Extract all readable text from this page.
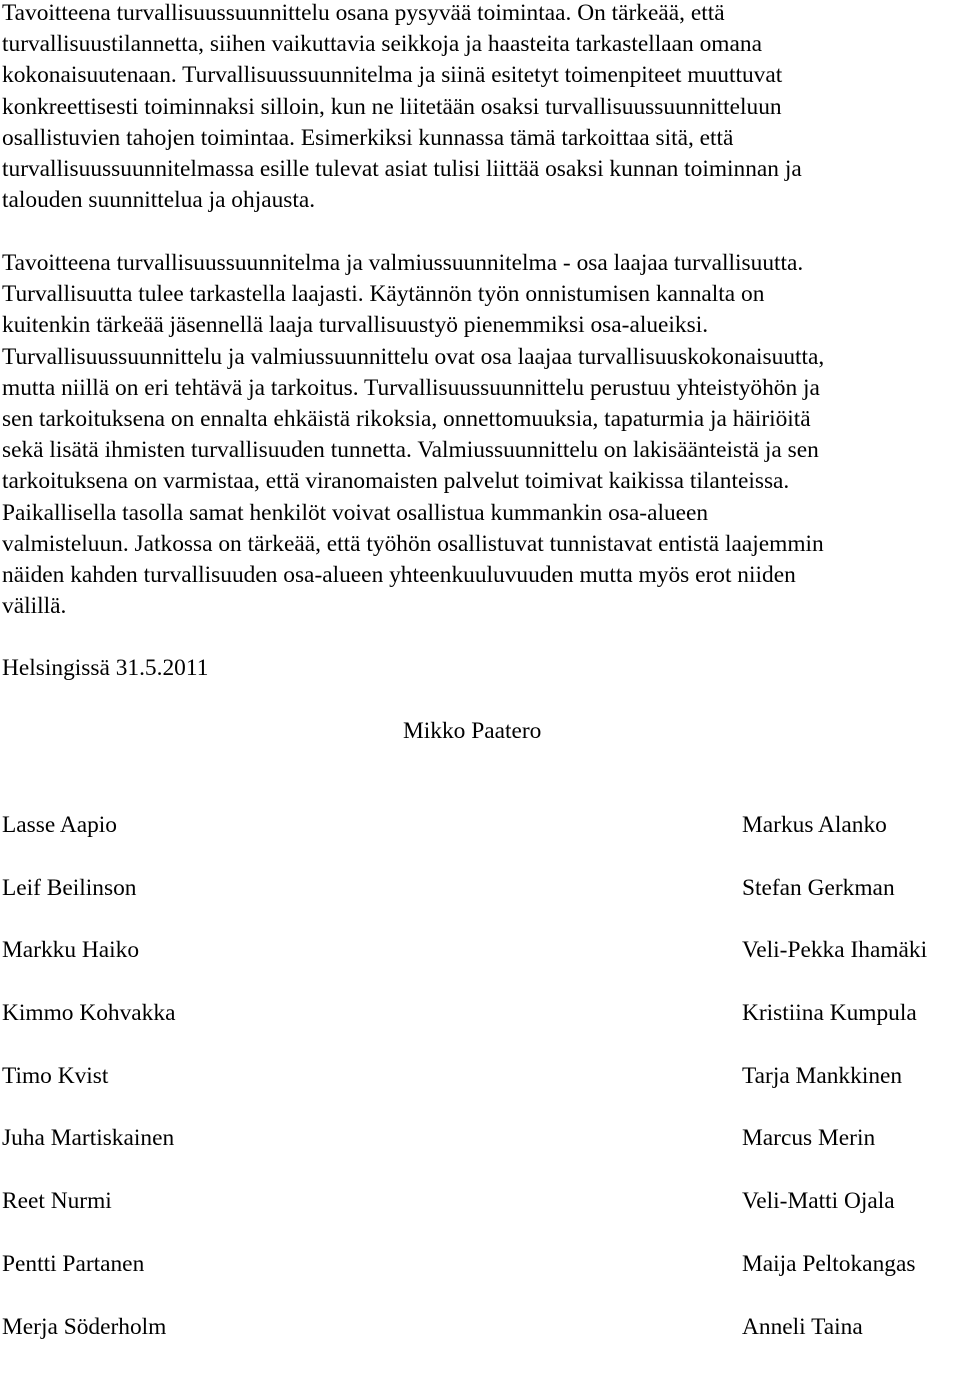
Tavoitteena turvallisuussuunnittelu osana pysyvää toimintaa. On tärkeää, että
turvallisuustilannetta, siihen vaikuttavia seikkoja ja haasteita tarkastellaan omana
kokonaisuutenaan. Turvallisuussuunnitelma ja siinä esitetyt toimenpiteet muuttuvat
konkreettisesti toiminnaksi silloin, kun ne liitetään osaksi turvallisuussuunnitteluun
osallistuvien tahojen toimintaa. Esimerkiksi kunnassa tämä tarkoittaa sitä, että
turvallisuussuunnitelmassa esille tulevat asiat tulisi liittää osaksi kunnan toiminnan ja
talouden suunnittelua ja ohjausta.

Tavoitteena turvallisuussuunnitelma ja valmiussuunnitelma - osa laajaa turvallisuutta.
Turvallisuutta tulee tarkastella laajasti. Käytännön työn onnistumisen kannalta on
kuitenkin tärkeää jäsennellä laaja turvallisuustyö pienemmiksi osa-alueiksi.
Turvallisuussuunnittelu ja valmiussuunnittelu ovat osa laajaa turvallisuuskokonaisuutta,
mutta niillä on eri tehtävä ja tarkoitus. Turvallisuussuunnittelu perustuu yhteistyöhön ja
sen tarkoituksena on ennalta ehkäistä rikoksia, onnettomuuksia, tapaturmia ja häiriöitä
sekä lisätä ihmisten turvallisuuden tunnetta. Valmiussuunnittelu on lakisäänteistä ja sen
tarkoituksena on varmistaa, että viranomaisten palvelut toimivat kaikissa tilanteissa.
Paikallisella tasolla samat henkilöt voivat osallistua kummankin osa-alueen
valmisteluun. Jatkossa on tärkeää, että työhön osallistuvat tunnistavat entistä laajemmin
näiden kahden turvallisuuden osa-alueen yhteenkuuluvuuden mutta myös erot niiden
välillä.

Helsingissä 31.5.2011
Mikko Paatero
Lasse Aapio
Leif Beilinson
Markku Haiko
Kimmo Kohvakka
Timo Kvist
Juha Martiskainen
Reet Nurmi
Pentti Partanen
Merja Söderholm
Markus Alanko
Stefan Gerkman
Veli-Pekka Ihamäki
Kristiina Kumpula
Tarja Mankkinen
Marcus Merin
Veli-Matti Ojala
Maija Peltokangas
Anneli Taina
